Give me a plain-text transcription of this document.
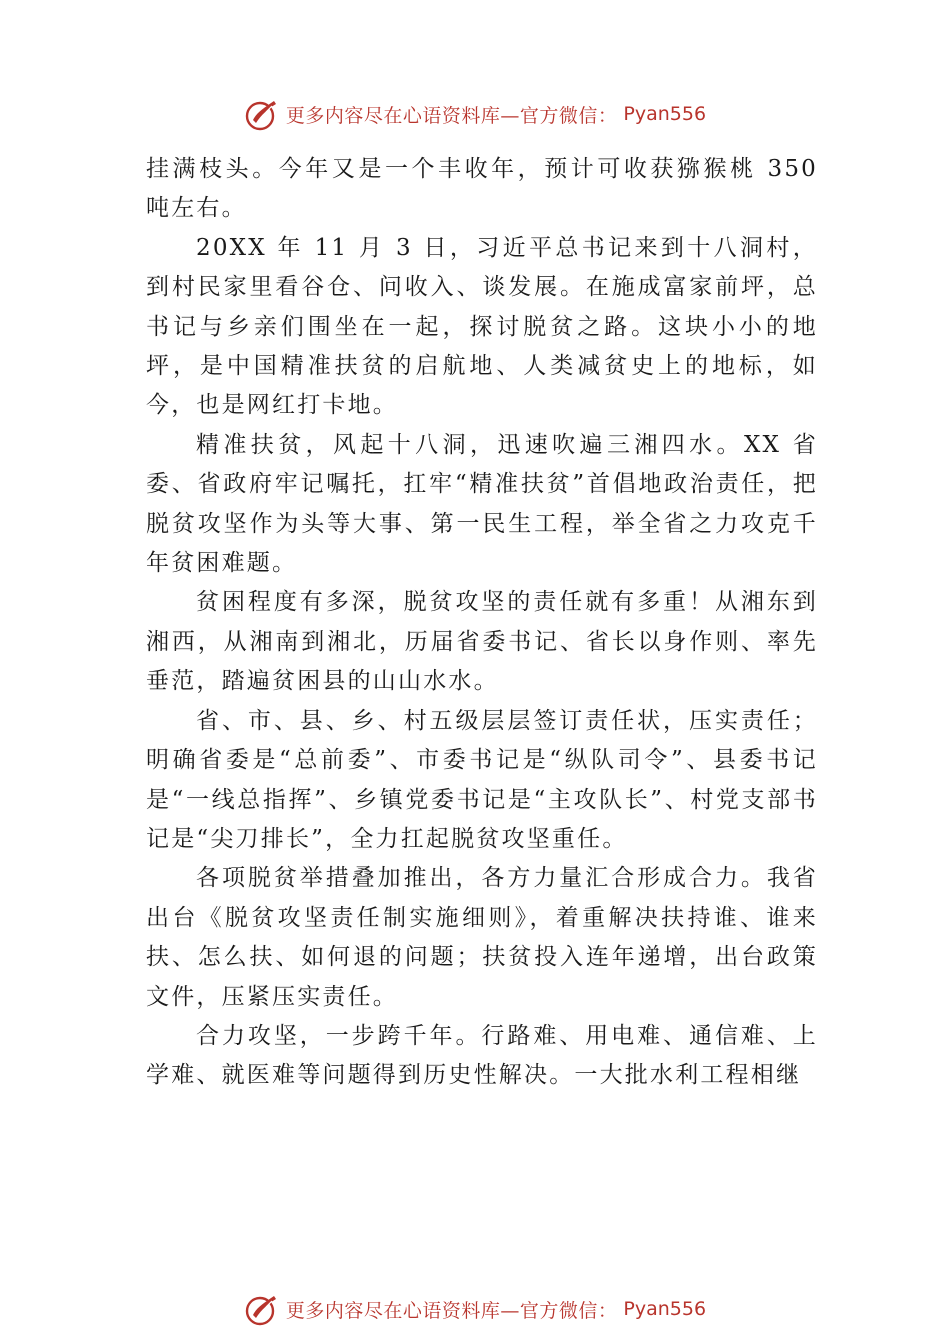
更多内容尽在心语资料库—官方微信： Pyan556

挂满枝头。今年又是一个丰收年，预计可收获猕猴桃 350 吨左右。

20XX 年 11 月 3 日，习近平总书记来到十八洞村，到村民家里看谷仓、问收入、谈发展。在施成富家前坪，总书记与乡亲们围坐在一起，探讨脱贫之路。这块小小的地坪，是中国精准扶贫的启航地、人类减贫史上的地标，如今，也是网红打卡地。

精准扶贫，风起十八洞，迅速吹遍三湘四水。XX 省委、省政府牢记嘱托，扛牢“精准扶贫”首倡地政治责任，把脱贫攻坚作为头等大事、第一民生工程，举全省之力攻克千年贫困难题。

贫困程度有多深，脱贫攻坚的责任就有多重！从湘东到湘西，从湘南到湘北，历届省委书记、省长以身作则、率先垂范，踏遍贫困县的山山水水。

省、市、县、乡、村五级层层签订责任状，压实责任；明确省委是“总前委”、市委书记是“纵队司令”、县委书记是“一线总指挥”、乡镇党委书记是“主攻队长”、村党支部书记是“尖刀排长”，全力扛起脱贫攻坚重任。

各项脱贫举措叠加推出，各方力量汇合形成合力。我省出台《脱贫攻坚责任制实施细则》，着重解决扶持谁、谁来扶、怎么扶、如何退的问题；扶贫投入连年递增，出台政策文件，压紧压实责任。

合力攻坚，一步跨千年。行路难、用电难、通信难、上学难、就医难等问题得到历史性解决。一大批水利工程相继

更多内容尽在心语资料库—官方微信： Pyan556
